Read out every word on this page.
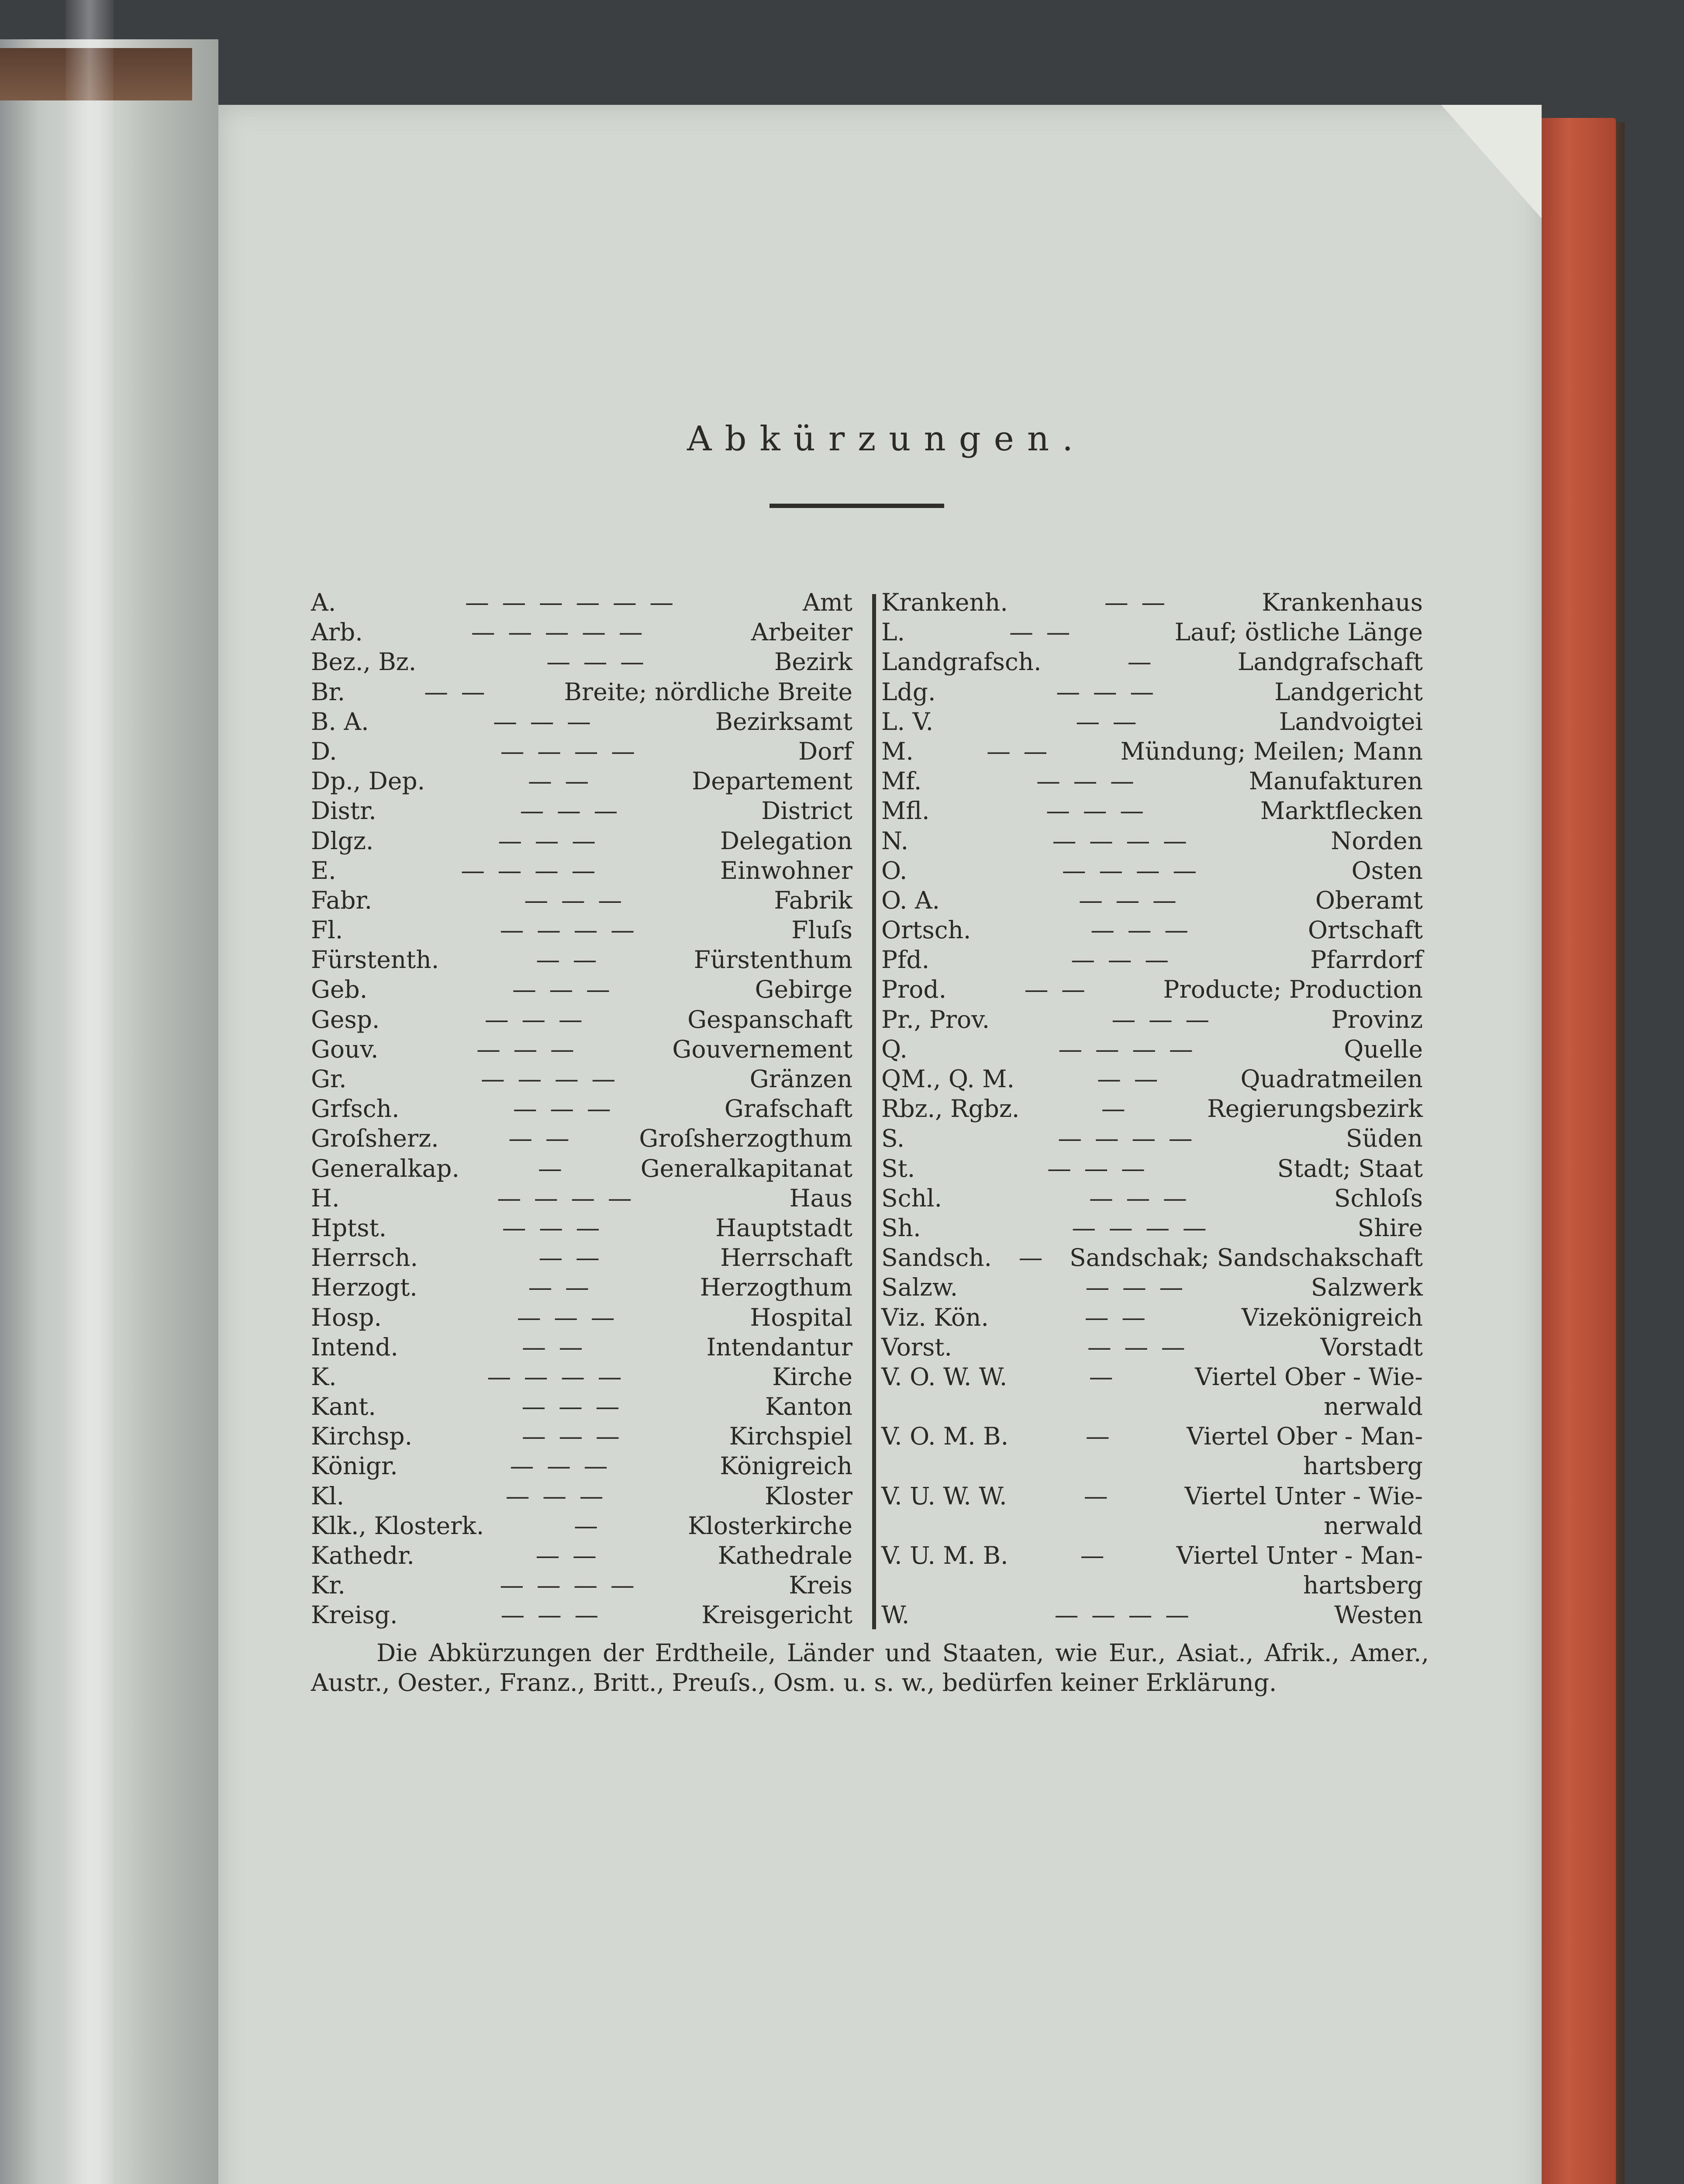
Abkürzungen.
A.	— — — — — —	Amt
Arb.	— — — — —	Arbeiter
Bez., Bz.	— — —	Bezirk
Br.	— —	Breite; nördliche Breite
B. A.	— — —	Bezirksamt
D.	— — — —	Dorf
Dp., Dep.	— —	Departement
Distr.	— — —	District
Dlgz.	— — —	Delegation
E.	— — — —	Einwohner
Fabr.	— — —	Fabrik
Fl.	— — — —	Fluſs
Fürstenth.	— —	Fürstenthum
Geb.	— — —	Gebirge
Gesp.	— — —	Gespanschaft
Gouv.	— — —	Gouvernement
Gr.	— — — —	Gränzen
Grfsch.	— — —	Grafschaft
Groſsherz.	— —	Groſsherzogthum
Generalkap.	—	Generalkapitanat
H.	— — — —	Haus
Hptst.	— — —	Hauptstadt
Herrsch.	— —	Herrschaft
Herzogt.	— —	Herzogthum
Hosp.	— — —	Hospital
Intend.	— —	Intendantur
K.	— — — —	Kirche
Kant.	— — —	Kanton
Kirchsp.	— — —	Kirchspiel
Königr.	— — —	Königreich
Kl.	— — —	Kloster
Klk., Klosterk.	—	Klosterkirche
Kathedr.	— —	Kathedrale
Kr.	— — — —	Kreis
Kreisg.	— — —	Kreisgericht
Krankenh.	— —	Krankenhaus
L.	— —	Lauf; östliche Länge
Landgrafsch.	—	Landgrafschaft
Ldg.	— — —	Landgericht
L. V.	— —	Landvoigtei
M.	— —	Mündung; Meilen; Mann
Mf.	— — —	Manufakturen
Mfl.	— — —	Marktflecken
N.	— — — —	Norden
O.	— — — —	Osten
O. A.	— — —	Oberamt
Ortsch.	— — —	Ortschaft
Pfd.	— — —	Pfarrdorf
Prod.	— —	Producte; Production
Pr., Prov.	— — —	Provinz
Q.	— — — —	Quelle
QM., Q. M.	— —	Quadratmeilen
Rbz., Rgbz.	—	Regierungsbezirk
S.	— — — —	Süden
St.	— — —	Stadt; Staat
Schl.	— — —	Schloſs
Sh.	— — — —	Shire
Sandsch.	—	Sandschak; Sandschakschaft
Salzw.	— — —	Salzwerk
Viz. Kön.	— —	Vizekönigreich
Vorst.	— — —	Vorstadt
V. O. W. W.	—	Viertel Ober - Wie-
nerwald
V. O. M. B.	—	Viertel Ober - Man-
hartsberg
V. U. W. W.	—	Viertel Unter - Wie-
nerwald
V. U. M. B.	—	Viertel Unter - Man-
hartsberg
W.	— — — —	Westen

Die Abkürzungen der Erdtheile, Länder und Staaten, wie Eur., Asiat., Afrik., Amer., Austr., Oester., Franz., Britt., Preuſs., Osm. u. s. w., bedürfen keiner Erklärung.
